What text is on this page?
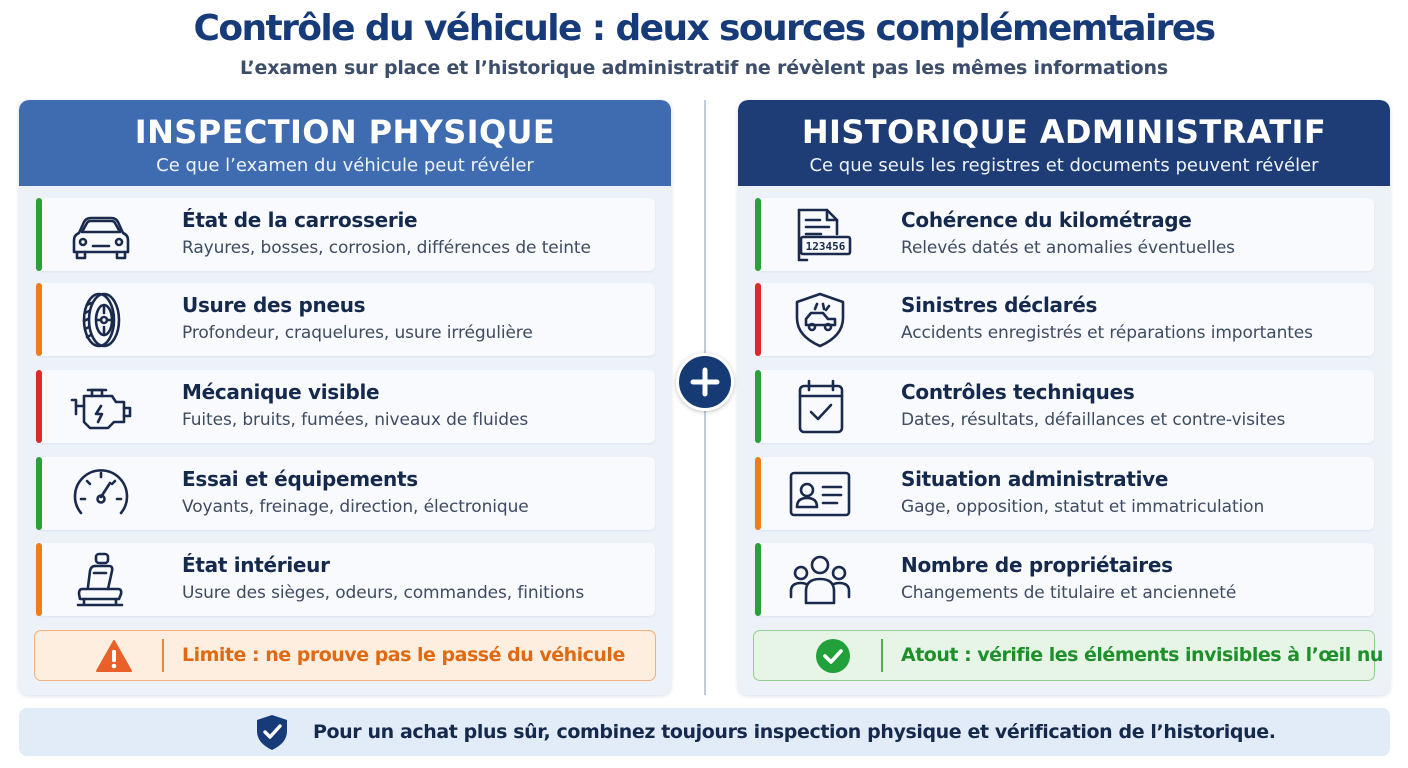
Contrôle du véhicule : deux sources complémemtaires
L’examen sur place et l’historique administratif ne révèlent pas les mêmes informations
INSPECTION PHYSIQUE
Ce que l’examen du véhicule peut révéler
État de la carrosserie
Rayures, bosses, corrosion, différences de teinte
Usure des pneus
Profondeur, craquelures, usure irrégulière
Mécanique visible
Fuites, bruits, fumées, niveaux de fluides
Essai et équipements
Voyants, freinage, direction, électronique
État intérieur
Usure des sièges, odeurs, commandes, finitions
Limite : ne prouve pas le passé du véhicule
HISTORIQUE ADMINISTRATIF
Ce que seuls les registres et documents peuvent révéler
123456
Cohérence du kilométrage
Relevés datés et anomalies éventuelles
Sinistres déclarés
Accidents enregistrés et réparations importantes
Contrôles techniques
Dates, résultats, défaillances et contre-visites
Situation administrative
Gage, opposition, statut et immatriculation
Nombre de propriétaires
Changements de titulaire et ancienneté
Atout : vérifie les éléments invisibles à l’œil nu
Pour un achat plus sûr, combinez toujours inspection physique et vérification de l’historique.
